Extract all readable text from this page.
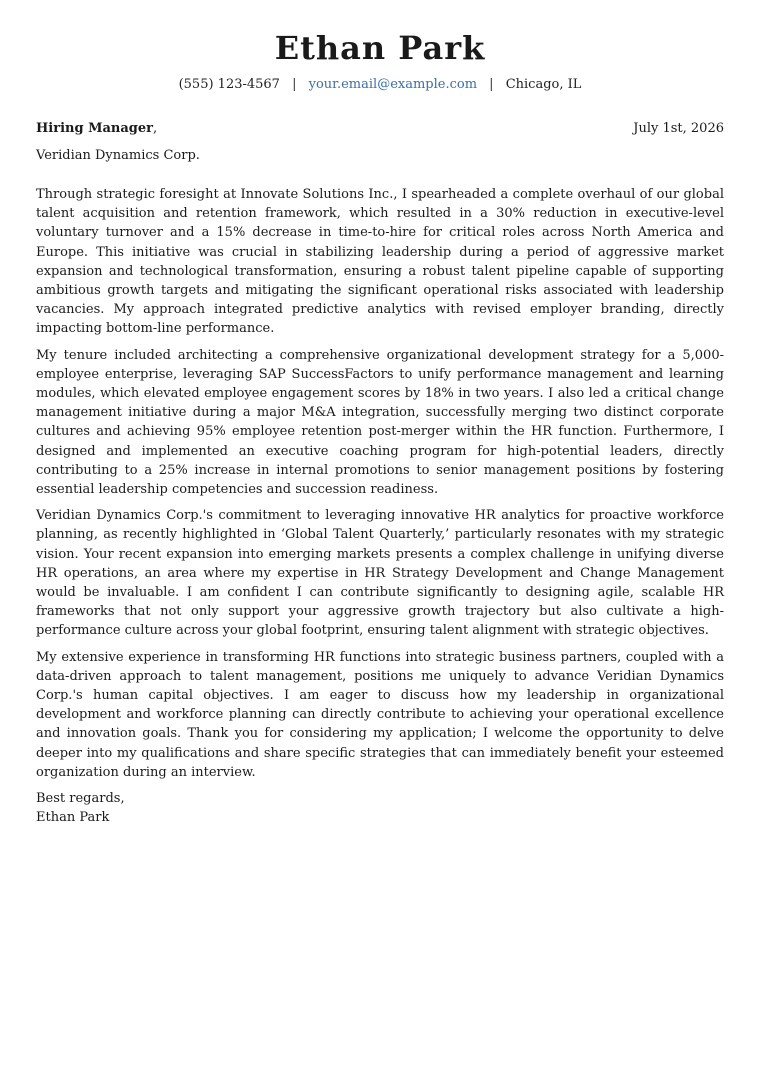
Ethan Park
(555) 123-4567 | your.email@example.com | Chicago, IL
Hiring Manager,	July 1st, 2026
Veridian Dynamics Corp.

Through strategic foresight at Innovate Solutions Inc., I spearheaded a complete overhaul of our global talent acquisition and retention framework, which resulted in a 30% reduction in executive-level voluntary turnover and a 15% decrease in time-to-hire for critical roles across North America and Europe. This initiative was crucial in stabilizing leadership during a period of aggressive market expansion and technological transformation, ensuring a robust talent pipeline capable of supporting ambitious growth targets and mitigating the significant operational risks associated with leadership vacancies. My approach integrated predictive analytics with revised employer branding, directly impacting bottom-line performance.

My tenure included architecting a comprehensive organizational development strategy for a 5,000-employee enterprise, leveraging SAP SuccessFactors to unify performance management and learning modules, which elevated employee engagement scores by 18% in two years. I also led a critical change management initiative during a major M&A integration, successfully merging two distinct corporate cultures and achieving 95% employee retention post-merger within the HR function. Furthermore, I designed and implemented an executive coaching program for high-potential leaders, directly contributing to a 25% increase in internal promotions to senior management positions by fostering essential leadership competencies and succession readiness.

Veridian Dynamics Corp.'s commitment to leveraging innovative HR analytics for proactive workforce planning, as recently highlighted in ‘Global Talent Quarterly,’ particularly resonates with my strategic vision. Your recent expansion into emerging markets presents a complex challenge in unifying diverse HR operations, an area where my expertise in HR Strategy Development and Change Management would be invaluable. I am confident I can contribute significantly to designing agile, scalable HR frameworks that not only support your aggressive growth trajectory but also cultivate a high-performance culture across your global footprint, ensuring talent alignment with strategic objectives.

My extensive experience in transforming HR functions into strategic business partners, coupled with a data-driven approach to talent management, positions me uniquely to advance Veridian Dynamics Corp.'s human capital objectives. I am eager to discuss how my leadership in organizational development and workforce planning can directly contribute to achieving your operational excellence and innovation goals. Thank you for considering my application; I welcome the opportunity to delve deeper into my qualifications and share specific strategies that can immediately benefit your esteemed organization during an interview.

Best regards,
Ethan Park
